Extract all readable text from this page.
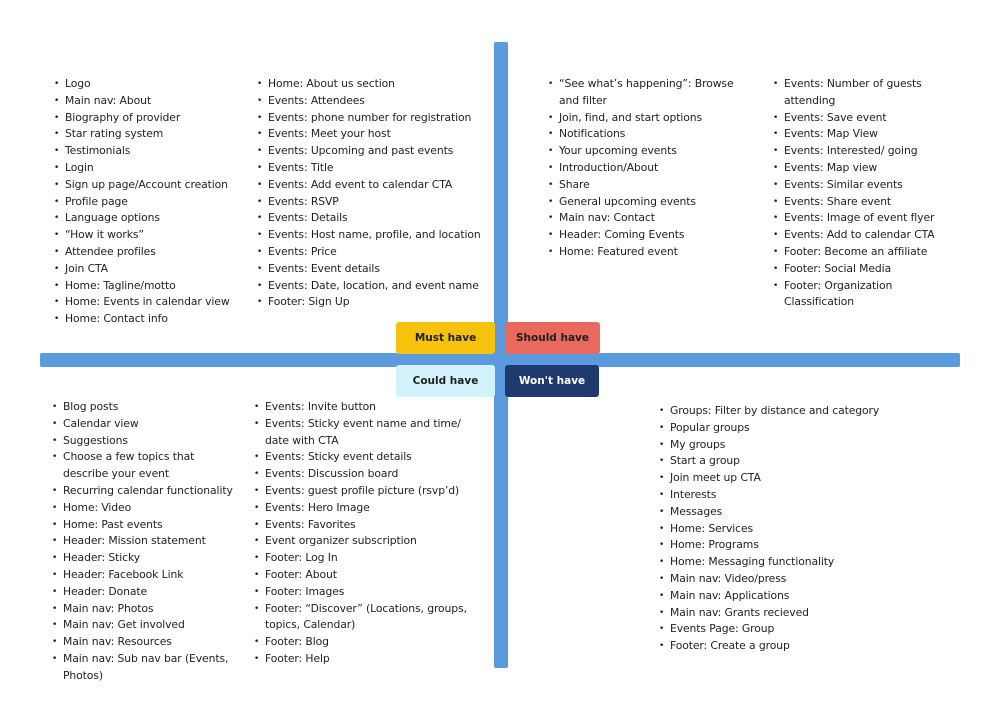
• Logo
• Main nav: About
• Biography of provider
• Star rating system
• Testimonials
• Login
• Sign up page/Account creation
• Profile page
• Language options
• “How it works”
• Attendee profiles
• Join CTA
• Home: Tagline/motto
• Home: Events in calendar view
• Home: Contact info
• Home: About us section
• Events: Attendees
• Events: phone number for registration
• Events: Meet your host
• Events: Upcoming and past events
• Events: Title
• Events: Add event to calendar CTA
• Events: RSVP
• Events: Details
• Events: Host name, profile, and location
• Events: Price
• Events: Event details
• Events: Date, location, and event name
• Footer: Sign Up
• “See what’s happening”: Browse and filter
• Join, find, and start options
• Notifications
• Your upcoming events
• Introduction/About
• Share
• General upcoming events
• Main nav: Contact
• Header: Coming Events
• Home: Featured event
• Events: Number of guests attending
• Events: Save event
• Events: Map View
• Events: Interested/ going
• Events: Map view
• Events: Similar events
• Events: Share event
• Events: Image of event flyer
• Events: Add to calendar CTA
• Footer: Become an affiliate
• Footer: Social Media
• Footer: Organization Classification
• Blog posts
• Calendar view
• Suggestions
• Choose a few topics that describe your event
• Recurring calendar functionality
• Home: Video
• Home: Past events
• Header: Mission statement
• Header: Sticky
• Header: Facebook Link
• Header: Donate
• Main nav: Photos
• Main nav: Get involved
• Main nav: Resources
• Main nav: Sub nav bar (Events, Photos)
• Events: Invite button
• Events: Sticky event name and time/ date with CTA
• Events: Sticky event details
• Events: Discussion board
• Events: guest profile picture (rsvp’d)
• Events: Hero Image
• Events: Favorites
• Event organizer subscription
• Footer: Log In
• Footer: About
• Footer: Images
• Footer: “Discover” (Locations, groups, topics, Calendar)
• Footer: Blog
• Footer: Help
• Groups: Filter by distance and category
• Popular groups
• My groups
• Start a group
• Join meet up CTA
• Interests
• Messages
• Home: Services
• Home: Programs
• Home: Messaging functionality
• Main nav: Video/press
• Main nav: Applications
• Main nav: Grants recieved
• Events Page: Group
• Footer: Create a group
Must have	Should have
Could have	Won't have
